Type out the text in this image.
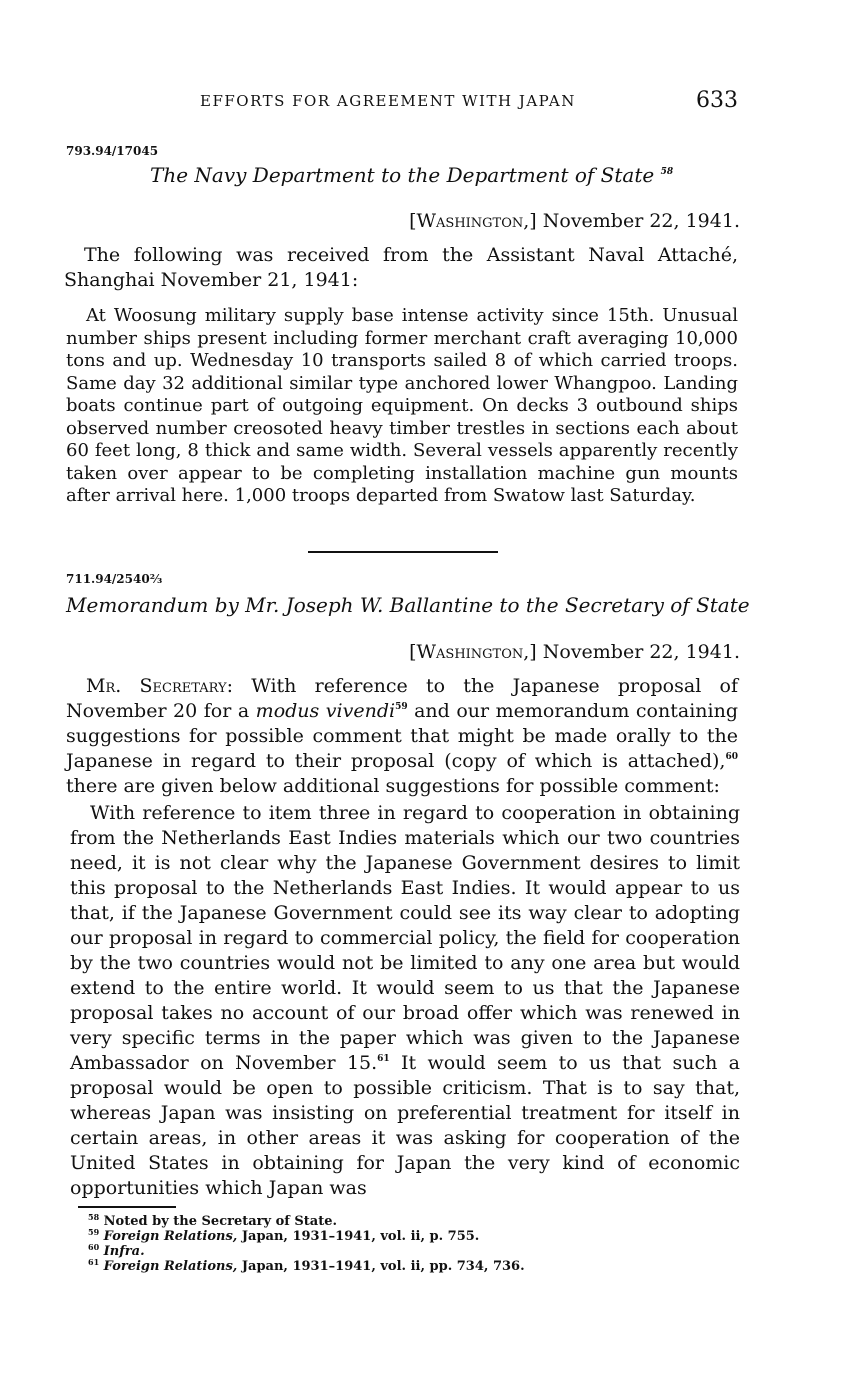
EFFORTS FOR AGREEMENT WITH JAPAN	633
793.94/17045
The Navy Department to the Department of State $^{58}$
[Washington,] November 22, 1941.
The following was received from the Assistant Naval Attaché, Shanghai November 21, 1941:
At Woosung military supply base intense activity since 15th. Unusual number ships present including former merchant craft averaging 10,000 tons and up. Wednesday 10 transports sailed 8 of which carried troops. Same day 32 additional similar type anchored lower Whangpoo. Landing boats continue part of outgoing equipment. On decks 3 outbound ships observed number creosoted heavy timber trestles in sections each about 60 feet long, 8 thick and same width. Several vessels apparently recently taken over appear to be completing installation machine gun mounts after arrival here. 1,000 troops departed from Swatow last Saturday.
711.94/2540⅔
Memorandum by Mr. Joseph W. Ballantine to the Secretary of State
[Washington,] November 22, 1941.
Mr. Secretary: With reference to the Japanese proposal of November 20 for a modus vivendi$^{59}$ and our memorandum containing suggestions for possible comment that might be made orally to the Japanese in regard to their proposal (copy of which is attached),$^{60}$ there are given below additional suggestions for possible comment:
With reference to item three in regard to cooperation in obtaining from the Netherlands East Indies materials which our two countries need, it is not clear why the Japanese Government desires to limit this proposal to the Netherlands East Indies. It would appear to us that, if the Japanese Government could see its way clear to adopting our proposal in regard to commercial policy, the field for cooperation by the two countries would not be limited to any one area but would extend to the entire world. It would seem to us that the Japanese proposal takes no account of our broad offer which was renewed in very specific terms in the paper which was given to the Japanese Ambassador on November 15.61 It would seem to us that such a proposal would be open to possible criticism. That is to say that, whereas Japan was insisting on preferential treatment for itself in certain areas, in other areas it was asking for cooperation of the United States in obtaining for Japan the very kind of economic opportunities which Japan was
$^{58}$ Noted by the Secretary of State.
$^{59}$ Foreign Relations, Japan, 1931–1941, vol. ii, p. 755.
$^{60}$ Infra.
$^{61}$ Foreign Relations, Japan, 1931–1941, vol. ii, pp. 734, 736.
